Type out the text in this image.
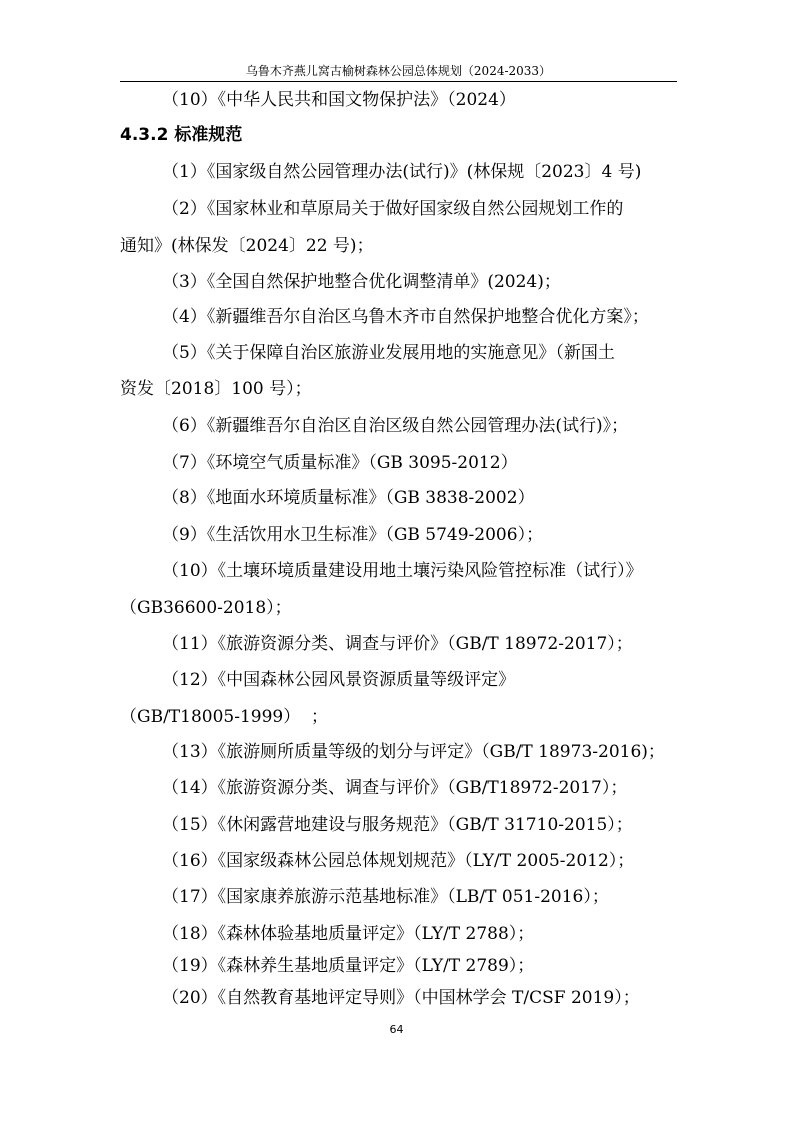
乌鲁木齐燕儿窝古榆树森林公园总体规划（2024-2033）
（10）《中华人民共和国文物保护法》（2024）
4.3.2 标准规范
（1）《国家级自然公园管理办法(试行)》(林保规〔2023〕4 号)
（2）《国家林业和草原局关于做好国家级自然公园规划工作的
通知》(林保发〔2024〕22 号)；
（3）《全国自然保护地整合优化调整清单》(2024)；
（4）《新疆维吾尔自治区乌鲁木齐市自然保护地整合优化方案》；
（5）《关于保障自治区旅游业发展用地的实施意见》（新国土
资发〔2018〕100 号）；
（6）《新疆维吾尔自治区自治区级自然公园管理办法(试行)》；
（7）《环境空气质量标准》（GB 3095-2012）
（8）《地面水环境质量标准》（GB 3838-2002）
（9）《生活饮用水卫生标准》（GB 5749-2006）；
（10）《土壤环境质量建设用地土壤污染风险管控标准（试行）》
（GB36600-2018）；
（11）《旅游资源分类、调查与评价》（GB/T 18972-2017）；
（12）《中国森林公园风景资源质量等级评定》
（GB/T18005-1999）  ；
（13）《旅游厕所质量等级的划分与评定》（GB/T 18973-2016)；
（14）《旅游资源分类、调查与评价》（GB/T18972-2017）；
（15）《休闲露营地建设与服务规范》（GB/T 31710-2015）；
（16）《国家级森林公园总体规划规范》（LY/T 2005-2012）；
（17）《国家康养旅游示范基地标准》（LB/T 051-2016）；
（18）《森林体验基地质量评定》（LY/T 2788）；
（19）《森林养生基地质量评定》（LY/T 2789）；
（20）《自然教育基地评定导则》（中国林学会 T/CSF 2019）；
64
